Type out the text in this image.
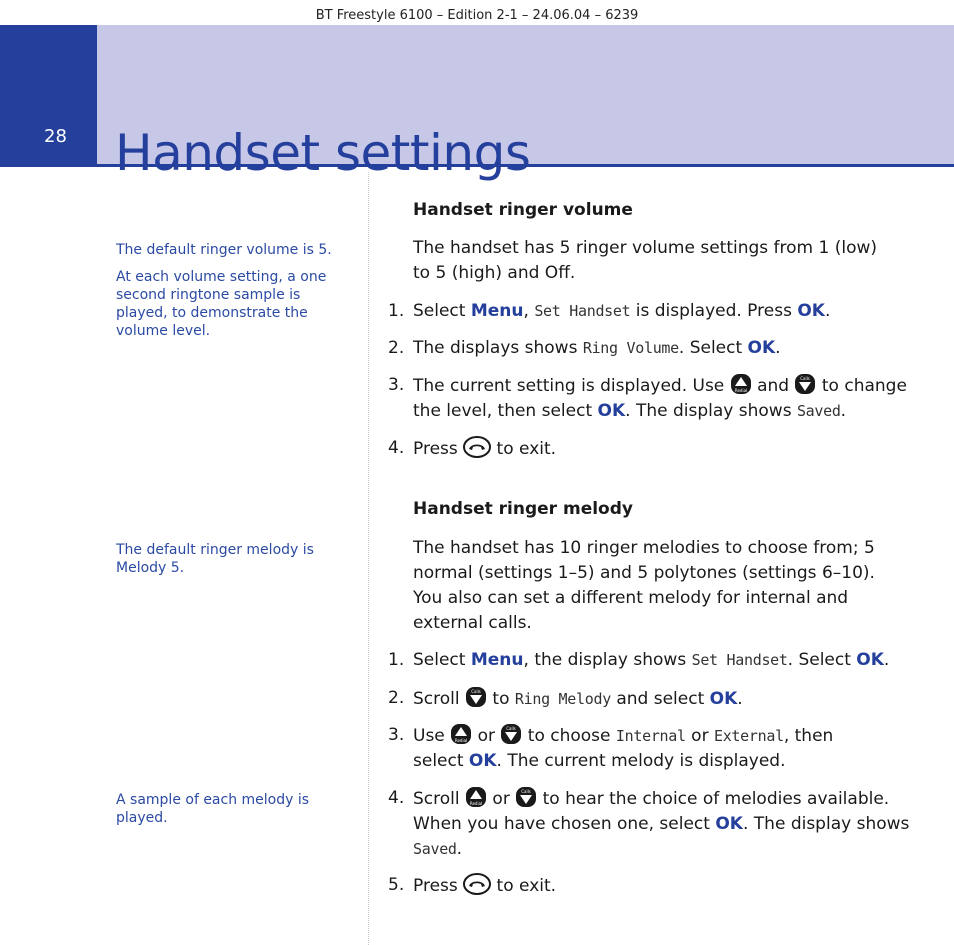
BT Freestyle 6100 – Edition 2-1 – 24.06.04 – 6239
28 Handset settings

The default ringer volume is 5.

At each volume setting, a one second ringtone sample is played, to demonstrate the volume level.

The default ringer melody is Melody 5.

A sample of each melody is played.

Handset ringer volume

The handset has 5 ringer volume settings from 1 (low) to 5 (high) and Off.

1. Select Menu, Set Handset is displayed. Press OK.
2. The displays shows Ring Volume. Select OK.
3. The current setting is displayed. Use Redial and Calls to change the level, then select OK. The display shows Saved.
4. Press
to exit.
Handset ringer melody

The handset has 10 ringer melodies to choose from; 5 normal (settings 1–5) and 5 polytones (settings 6–10). You also can set a different melody for internal and external calls.

1. Select Menu, the display shows Set Handset. Select OK.
2. Scroll Calls to Ring Melody and select OK.
3. Use Redial or Calls to choose Internal or External, then select OK. The current melody is displayed.
4. Scroll Redial or Calls to hear the choice of melodies available. When you have chosen one, select OK. The display shows Saved.
5. Press
to exit.
